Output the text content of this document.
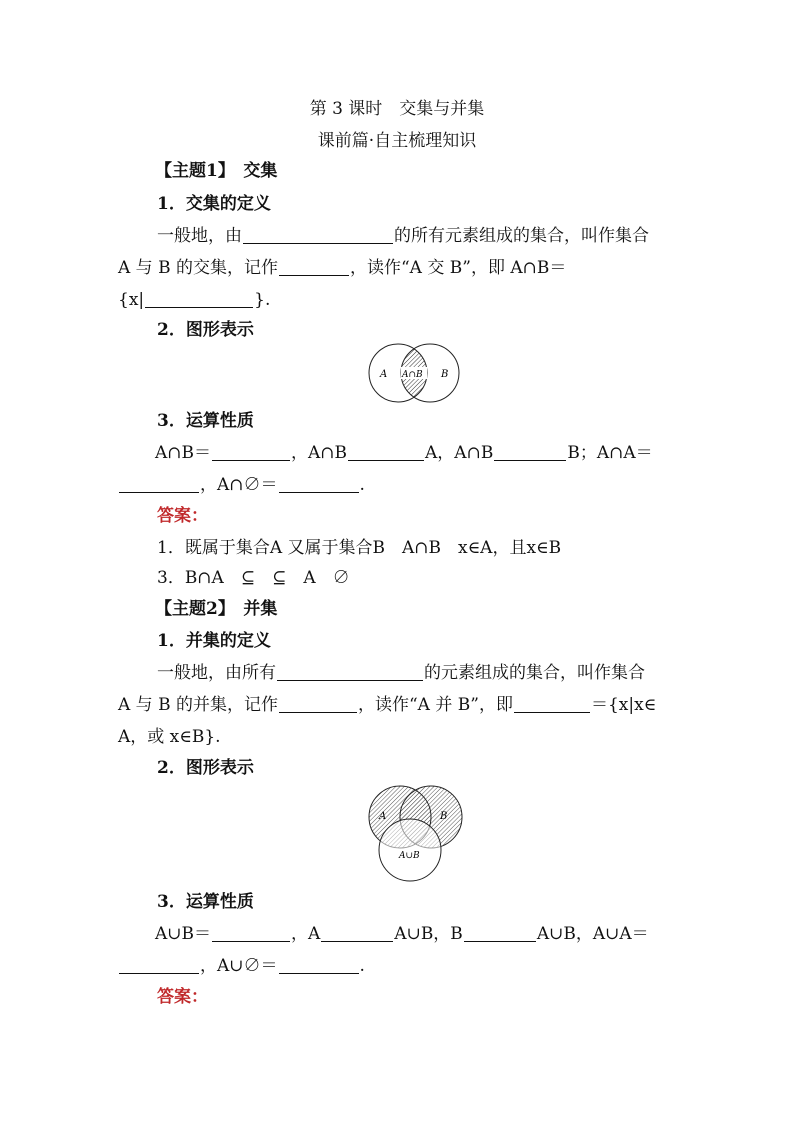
第 3 课时　交集与并集
课前篇·自主梳理知识
【主题1】　交集
1．交集的定义
一般地，由	的所有元素组成的集合，叫作集合
A 与 B 的交集，记作	，读作“A 交 B”，即 A∩B＝
{x|	}.
2．图形表示
A	B
A∩B
3．运算性质
A∩B＝	，A∩B	A，A∩B	B；A∩A＝
，A∩∅＝	.
答案：
1．既属于集合A 又属于集合B　A∩B　x∈A，且x∈B
3．B∩A　⊆　⊆　A　∅
【主题2】　并集
1．并集的定义
一般地，由所有	的元素组成的集合，叫作集合
A 与 B 的并集，记作	，读作“A 并 B”，即	＝{x|x∈
A，或 x∈B}.
2．图形表示
A	B
A∪B
3．运算性质
A∪B＝	，A	A∪B，B	A∪B，A∪A＝
，A∪∅＝	.
答案：
